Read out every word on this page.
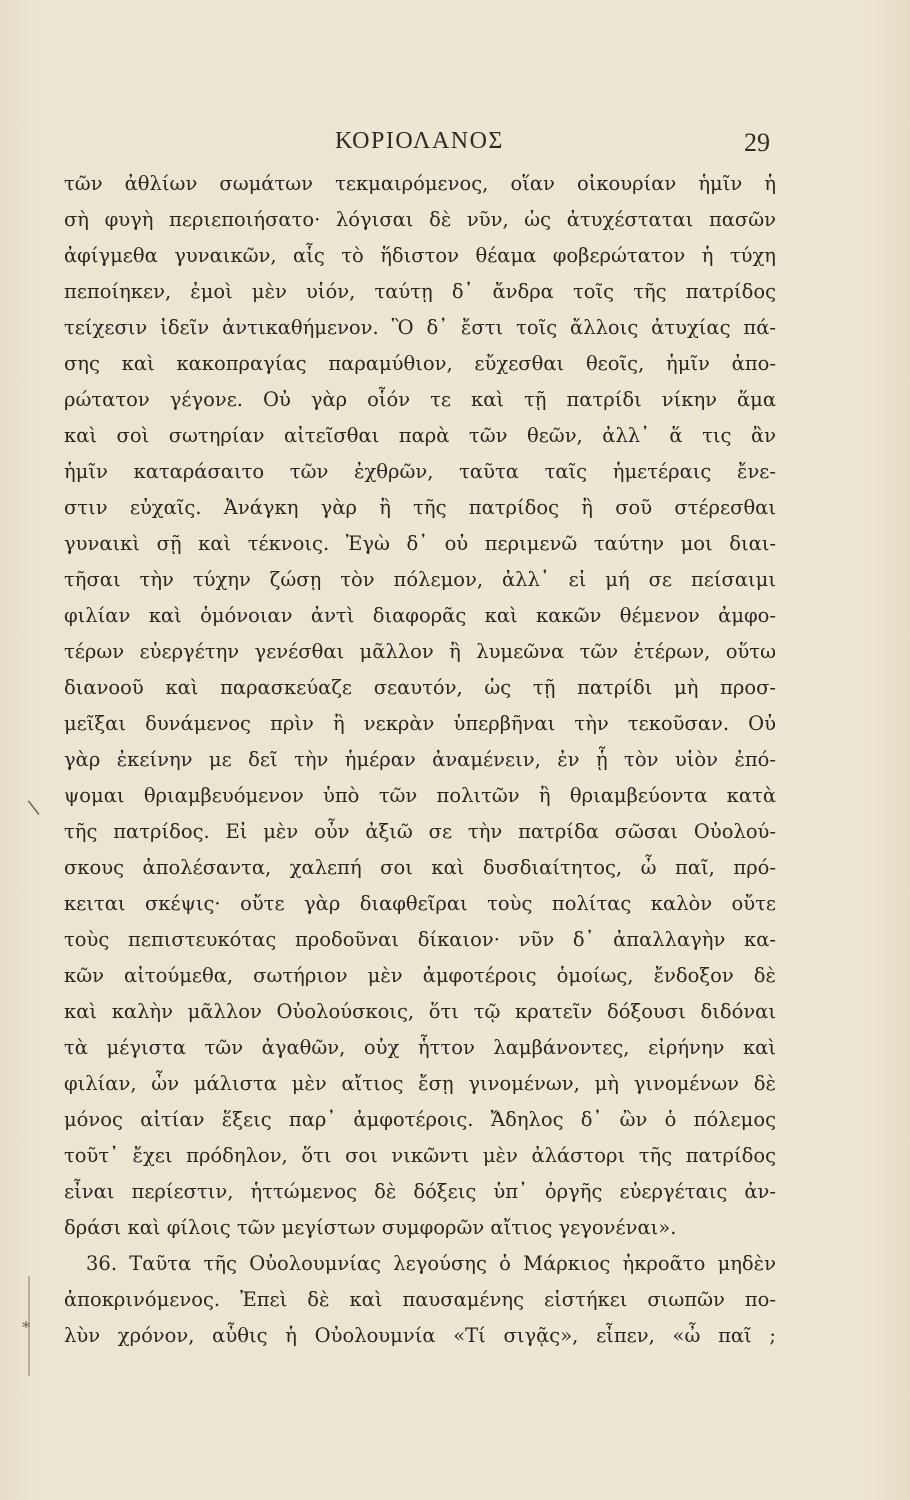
ΚΟΡΙΟΛΑΝΟΣ	29
\
*
τῶν ἀθλίων σωμάτων τεκμαιρόμενος, οἵαν οἰκουρίαν ἡμῖν ἡ
σὴ φυγὴ περιεποιήσατο· λόγισαι δὲ νῦν, ὡς ἀτυχέσταται πασῶν
ἀφίγμεθα γυναικῶν, αἷς τὸ ἥδιστον θέαμα φοβερώτατον ἡ τύχη
πεποίηκεν, ἐμοὶ μὲν υἱόν, ταύτῃ δ᾽ ἄνδρα τοῖς τῆς πατρίδος
τείχεσιν ἰδεῖν ἀντικαθήμενον. Ὃ δ᾽ ἔστι τοῖς ἄλλοις ἀτυχίας πά-
σης καὶ κακοπραγίας παραμύθιον, εὔχεσθαι θεοῖς, ἡμῖν ἀπο-
ρώτατον γέγονε. Οὐ γὰρ οἷόν τε καὶ τῇ πατρίδι νίκην ἅμα
καὶ σοὶ σωτηρίαν αἰτεῖσθαι παρὰ τῶν θεῶν, ἀλλ᾽ ἅ τις ἂν
ἡμῖν καταράσαιτο τῶν ἐχθρῶν, ταῦτα ταῖς ἡμετέραις ἔνε-
στιν εὐχαῖς. Ἀνάγκη γὰρ ἢ τῆς πατρίδος ἢ σοῦ στέρεσθαι
γυναικὶ σῇ καὶ τέκνοις. Ἐγὼ δ᾽ οὐ περιμενῶ ταύτην μοι διαι-
τῆσαι τὴν τύχην ζώσῃ τὸν πόλεμον, ἀλλ᾽ εἰ μή σε πείσαιμι
φιλίαν καὶ ὁμόνοιαν ἀντὶ διαφορᾶς καὶ κακῶν θέμενον ἀμφο-
τέρων εὐεργέτην γενέσθαι μᾶλλον ἢ λυμεῶνα τῶν ἑτέρων, οὕτω
διανοοῦ καὶ παρασκεύαζε σεαυτόν, ὡς τῇ πατρίδι μὴ προσ-
μεῖξαι δυνάμενος πρὶν ἢ νεκρὰν ὑπερβῆναι τὴν τεκοῦσαν. Οὐ
γὰρ ἐκείνην με δεῖ τὴν ἡμέραν ἀναμένειν, ἐν ᾗ τὸν υἱὸν ἐπό-
ψομαι θριαμβευόμενον ὑπὸ τῶν πολιτῶν ἢ θριαμβεύοντα κατὰ
τῆς πατρίδος. Εἰ μὲν οὖν ἀξιῶ σε τὴν πατρίδα σῶσαι Οὐολού-
σκους ἀπολέσαντα, χαλεπή σοι καὶ δυσδιαίτητος, ὦ παῖ, πρό-
κειται σκέψις· οὔτε γὰρ διαφθεῖραι τοὺς πολίτας καλὸν οὔτε
τοὺς πεπιστευκότας προδοῦναι δίκαιον· νῦν δ᾽ ἀπαλλαγὴν κα-
κῶν αἰτούμεθα, σωτήριον μὲν ἀμφοτέροις ὁμοίως, ἔνδοξον δὲ
καὶ καλὴν μᾶλλον Οὐολούσκοις, ὅτι τῷ κρατεῖν δόξουσι διδόναι
τὰ μέγιστα τῶν ἀγαθῶν, οὐχ ἧττον λαμβάνοντες, εἰρήνην καὶ
φιλίαν, ὧν μάλιστα μὲν αἴτιος ἔσῃ γινομένων, μὴ γινομένων δὲ
μόνος αἰτίαν ἕξεις παρ᾽ ἀμφοτέροις. Ἄδηλος δ᾽ ὢν ὁ πόλεμος
τοῦτ᾽ ἔχει πρόδηλον, ὅτι σοι νικῶντι μὲν ἀλάστορι τῆς πατρίδος
εἶναι περίεστιν, ἡττώμενος δὲ δόξεις ὑπ᾽ ὀργῆς εὐεργέταις ἀν-
δράσι καὶ φίλοις τῶν μεγίστων συμφορῶν αἴτιος γεγονέναι».
36. Ταῦτα τῆς Οὐολουμνίας λεγούσης ὁ Μάρκιος ἠκροᾶτο μηδὲν
ἀποκρινόμενος. Ἐπεὶ δὲ καὶ παυσαμένης εἱστήκει σιωπῶν πο-
λὺν χρόνον, αὖθις ἡ Οὐολουμνία «Τί σιγᾷς», εἶπεν, «ὦ παῖ ;
